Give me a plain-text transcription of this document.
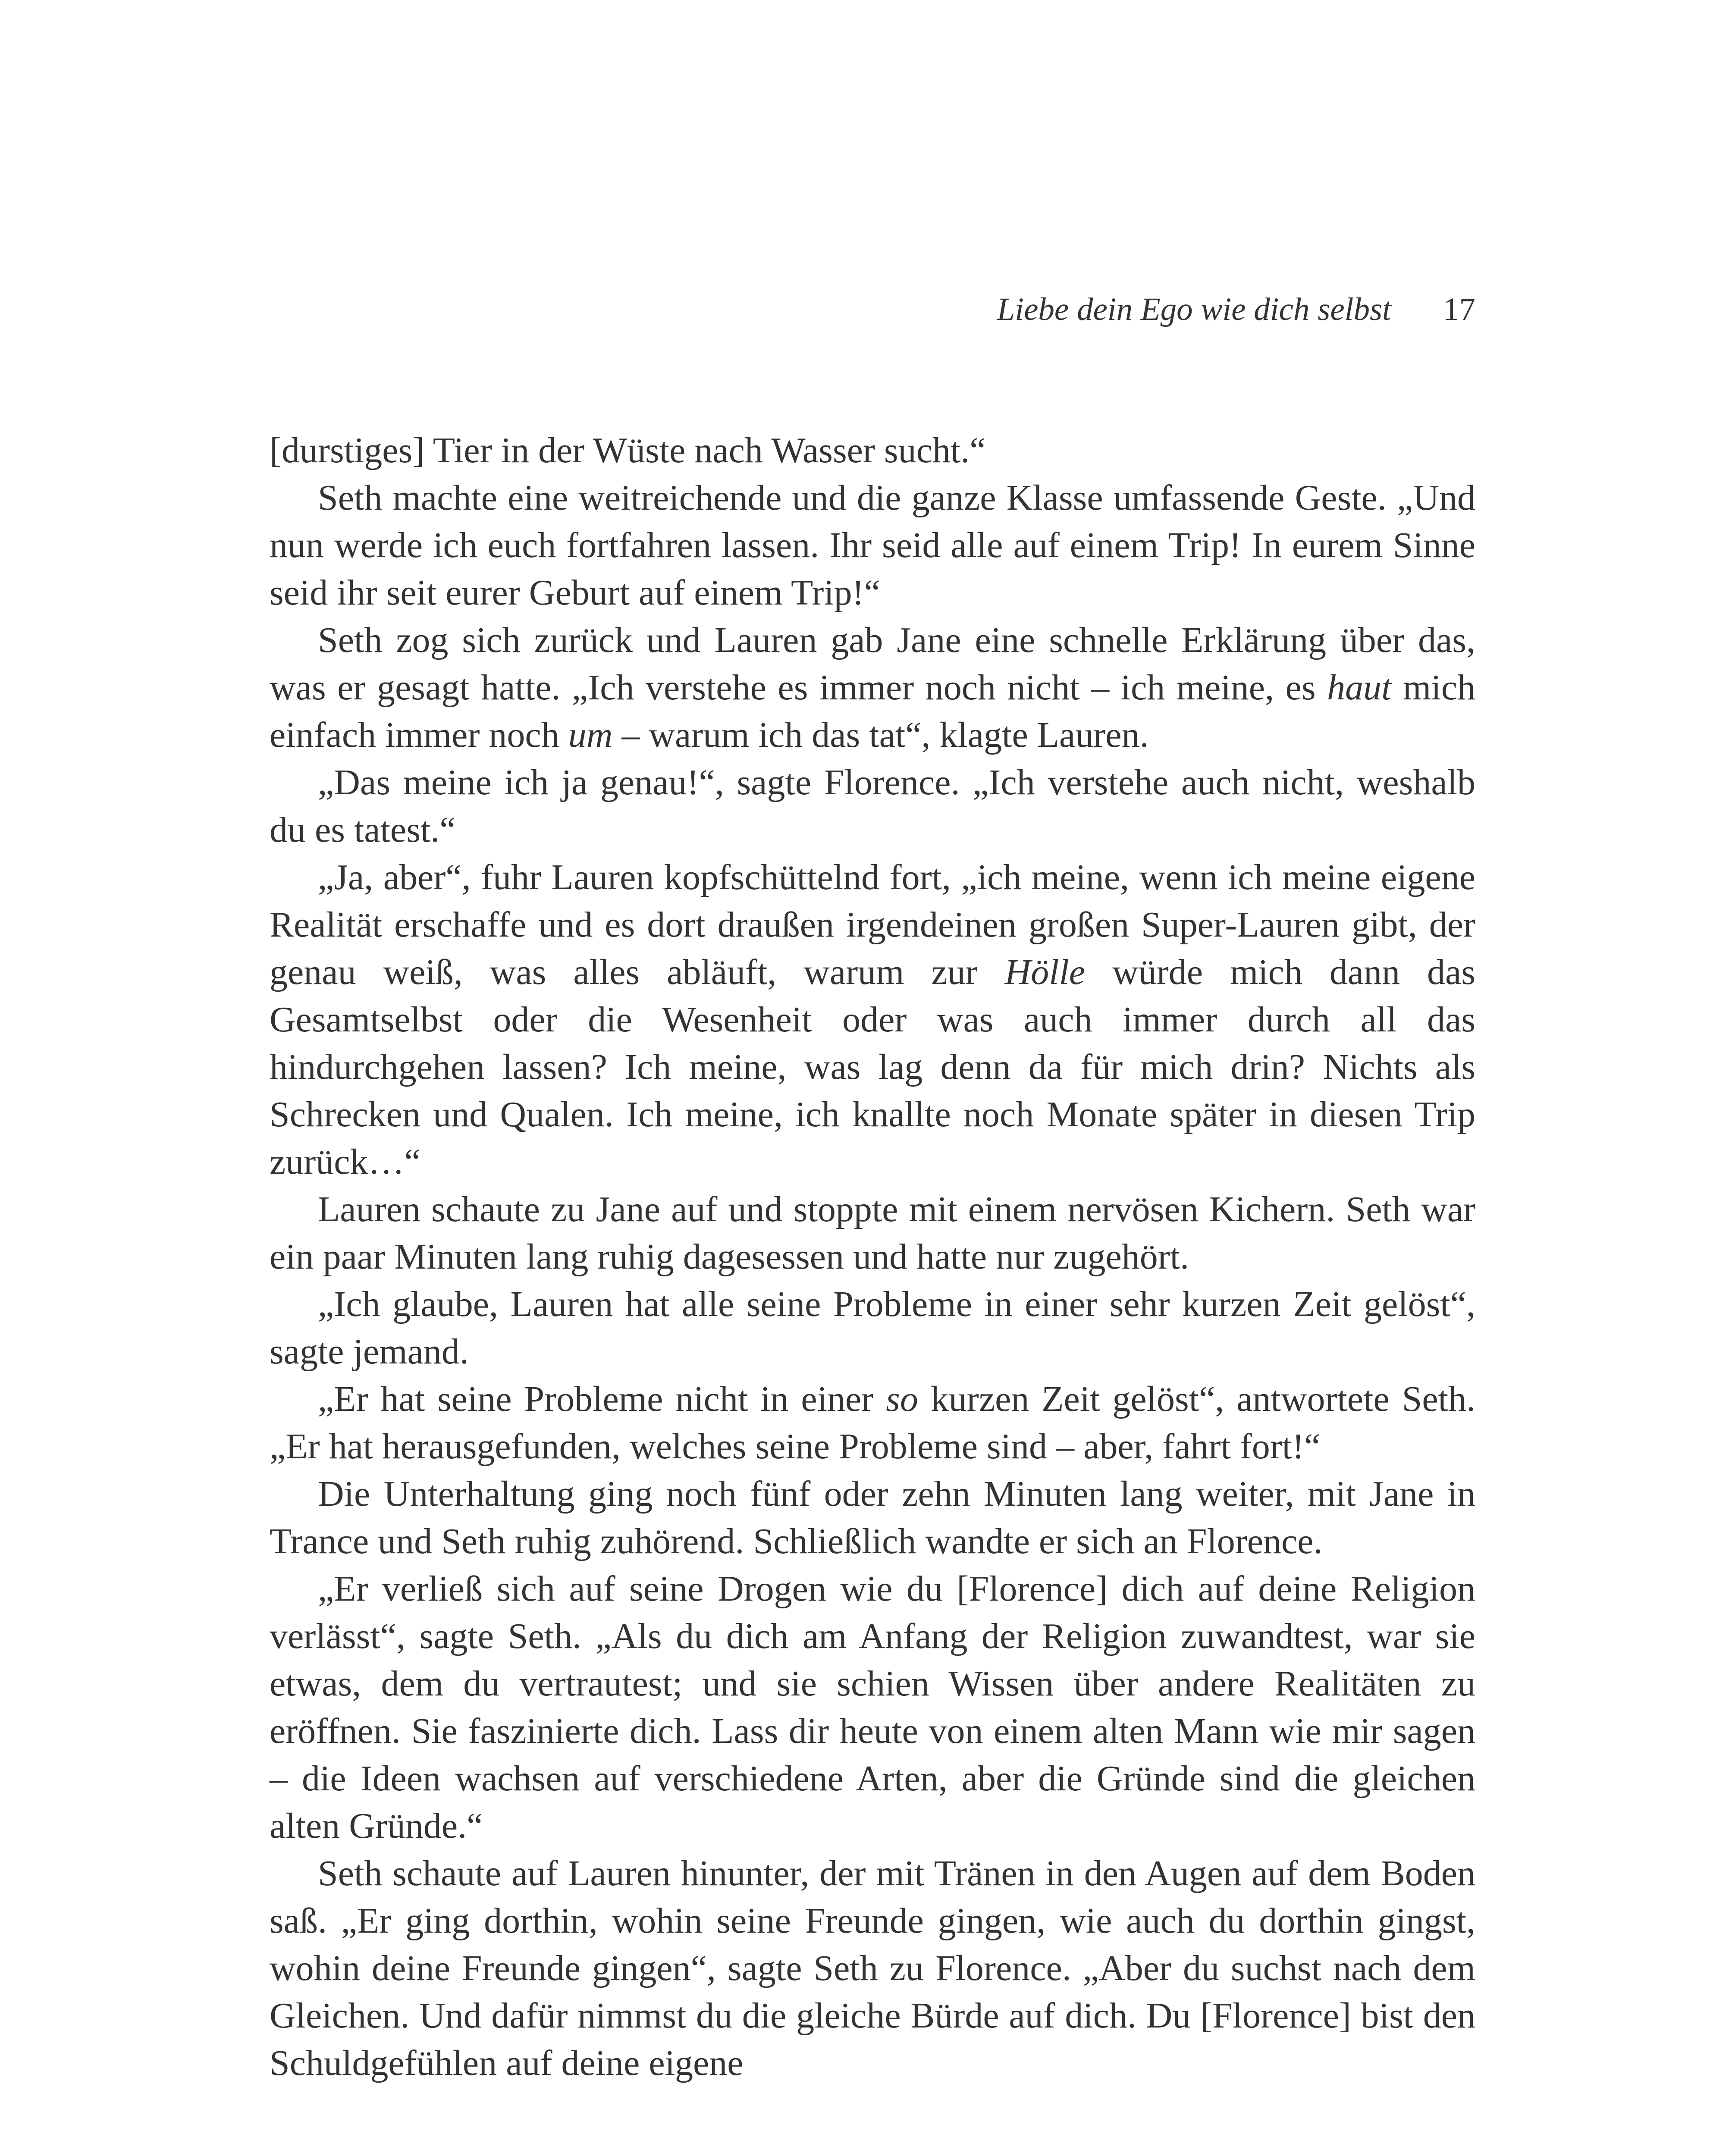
Liebe dein Ego wie dich selbst 17

[durstiges] Tier in der Wüste nach Wasser sucht.“

Seth machte eine weitreichende und die ganze Klasse umfassende Geste. „Und nun werde ich euch fortfahren lassen. Ihr seid alle auf einem Trip! In eurem Sinne seid ihr seit eurer Geburt auf einem Trip!“

Seth zog sich zurück und Lauren gab Jane eine schnelle Erklärung über das, was er gesagt hatte. „Ich verstehe es immer noch nicht – ich meine, es haut mich einfach immer noch um – warum ich das tat“, klagte Lauren.

„Das meine ich ja genau!“, sagte Florence. „Ich verstehe auch nicht, weshalb du es tatest.“

„Ja, aber“, fuhr Lauren kopfschüttelnd fort, „ich meine, wenn ich meine eigene Realität erschaffe und es dort draußen irgendeinen großen Super-Lauren gibt, der genau weiß, was alles abläuft, warum zur Hölle würde mich dann das Gesamtselbst oder die Wesenheit oder was auch immer durch all das hindurchgehen lassen? Ich meine, was lag denn da für mich drin? Nichts als Schrecken und Qualen. Ich meine, ich knallte noch Monate später in diesen Trip zurück…“

Lauren schaute zu Jane auf und stoppte mit einem nervösen Kichern. Seth war ein paar Minuten lang ruhig dagesessen und hatte nur zugehört.

„Ich glaube, Lauren hat alle seine Probleme in einer sehr kurzen Zeit gelöst“, sagte jemand.

„Er hat seine Probleme nicht in einer so kurzen Zeit gelöst“, antwortete Seth. „Er hat herausgefunden, welches seine Probleme sind – aber, fahrt fort!“

Die Unterhaltung ging noch fünf oder zehn Minuten lang weiter, mit Jane in Trance und Seth ruhig zuhörend. Schließlich wandte er sich an Florence.

„Er verließ sich auf seine Drogen wie du [Florence] dich auf deine Religion verlässt“, sagte Seth. „Als du dich am Anfang der Religion zuwandtest, war sie etwas, dem du vertrautest; und sie schien Wissen über andere Realitäten zu eröffnen. Sie faszinierte dich. Lass dir heute von einem alten Mann wie mir sagen – die Ideen wachsen auf verschiedene Arten, aber die Gründe sind die gleichen alten Gründe.“

Seth schaute auf Lauren hinunter, der mit Tränen in den Augen auf dem Boden saß. „Er ging dorthin, wohin seine Freunde gingen, wie auch du dorthin gingst, wohin deine Freunde gingen“, sagte Seth zu Florence. „Aber du suchst nach dem Gleichen. Und dafür nimmst du die gleiche Bürde auf dich. Du [Florence] bist den Schuldgefühlen auf deine eigene
